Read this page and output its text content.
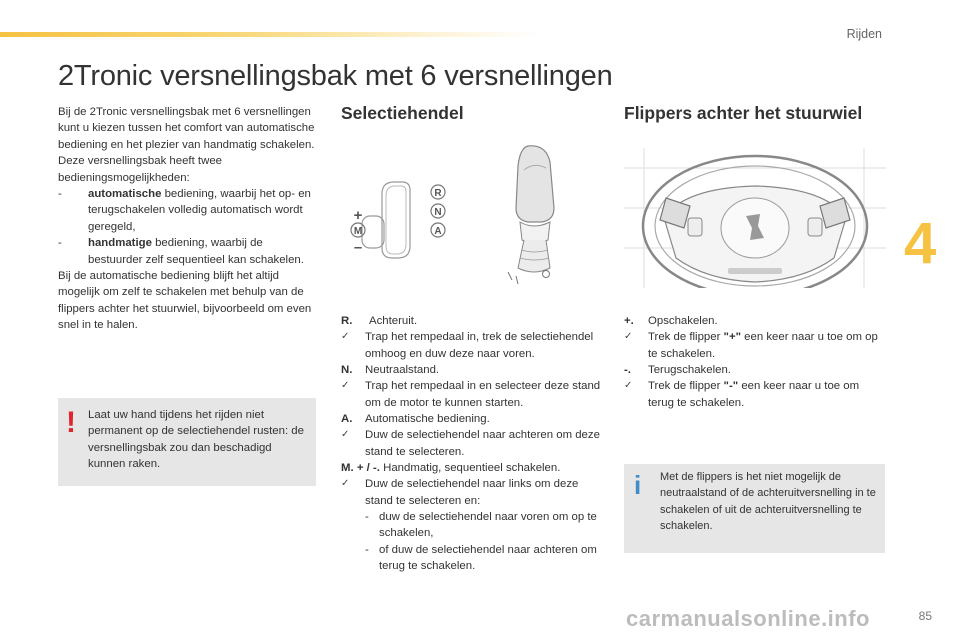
Rijden
2Tronic versnellingsbak met 6 versnellingen
4

Bij de 2Tronic versnellingsbak met 6 versnellingen kunt u kiezen tussen het comfort van automatische bediening en het plezier van handmatig schakelen.

Deze versnellingsbak heeft twee bedieningsmogelijkheden:

- automatische bediening, waarbij het op- en terugschakelen volledig automatisch wordt geregeld,
- handmatige bediening, waarbij de bestuurder zelf sequentieel kan schakelen.

Bij de automatische bediening blijft het altijd mogelijk om zelf te schakelen met behulp van de flippers achter het stuurwiel, bijvoorbeeld om even snel in te halen.

! Laat uw hand tijdens het rijden niet permanent op de selectiehendel rusten: de versnellingsbak zou dan beschadigd kunnen raken.
Selectiehendel
R
N
A
M
+
–
R. Achteruit.
✓ Trap het rempedaal in, trek de selectiehendel omhoog en duw deze naar voren.
N. Neutraalstand.
✓ Trap het rempedaal in en selecteer deze stand om de motor te kunnen starten.
A. Automatische bediening.
✓ Duw de selectiehendel naar achteren om deze stand te selecteren.
M. + / -. Handmatig, sequentieel schakelen.
✓ Duw de selectiehendel naar links om deze stand te selecteren en:
- duw de selectiehendel naar voren om op te schakelen,
- of duw de selectiehendel naar achteren om terug te schakelen.
Flippers achter het stuurwiel
+. Opschakelen.
✓ Trek de flipper "+" een keer naar u toe om op te schakelen.
-. Terugschakelen.
✓ Trek de flipper "-" een keer naar u toe om terug te schakelen.
i Met de flippers is het niet mogelijk de neutraalstand of de achteruitversnelling in te schakelen of uit de achteruitversnelling te schakelen.
carmanualsonline.info	85
